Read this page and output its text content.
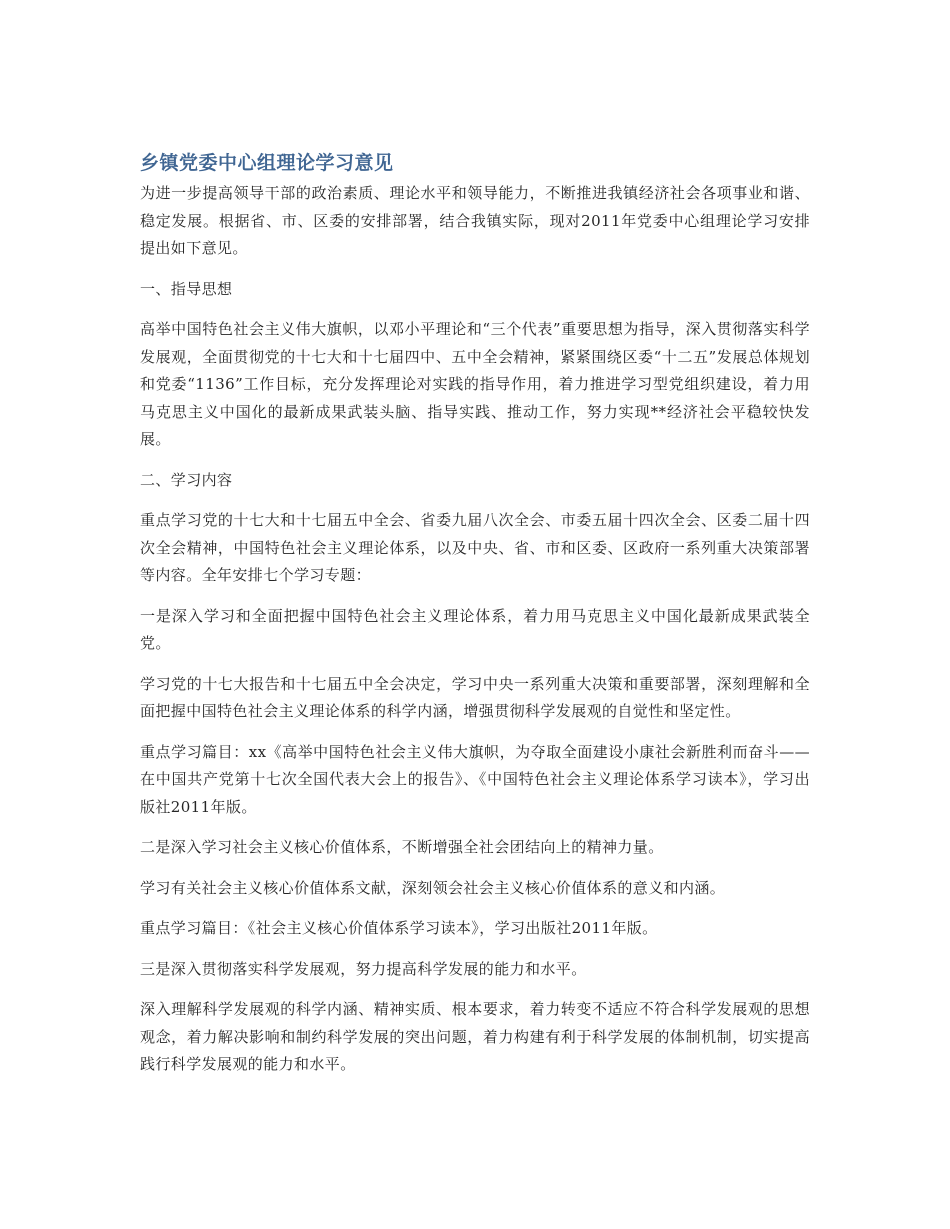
乡镇党委中心组理论学习意见

为进一步提高领导干部的政治素质、理论水平和领导能力，不断推进我镇经济社会各项事业和谐、稳定发展。根据省、市、区委的安排部署，结合我镇实际，现对2011年党委中心组理论学习安排提出如下意见。

一、指导思想

高举中国特色社会主义伟大旗帜，以邓小平理论和“三个代表”重要思想为指导，深入贯彻落实科学发展观，全面贯彻党的十七大和十七届四中、五中全会精神，紧紧围绕区委“十二五”发展总体规划和党委“1136”工作目标，充分发挥理论对实践的指导作用，着力推进学习型党组织建设，着力用马克思主义中国化的最新成果武装头脑、指导实践、推动工作，努力实现**经济社会平稳较快发展。

二、学习内容

重点学习党的十七大和十七届五中全会、省委九届八次全会、市委五届十四次全会、区委二届十四次全会精神，中国特色社会主义理论体系，以及中央、省、市和区委、区政府一系列重大决策部署等内容。全年安排七个学习专题：

一是深入学习和全面把握中国特色社会主义理论体系，着力用马克思主义中国化最新成果武装全党。

学习党的十七大报告和十七届五中全会决定，学习中央一系列重大决策和重要部署，深刻理解和全面把握中国特色社会主义理论体系的科学内涵，增强贯彻科学发展观的自觉性和坚定性。

重点学习篇目：xx《高举中国特色社会主义伟大旗帜，为夺取全面建设小康社会新胜利而奋斗——在中国共产党第十七次全国代表大会上的报告》、《中国特色社会主义理论体系学习读本》，学习出版社2011年版。

二是深入学习社会主义核心价值体系，不断增强全社会团结向上的精神力量。

学习有关社会主义核心价值体系文献，深刻领会社会主义核心价值体系的意义和内涵。

重点学习篇目：《社会主义核心价值体系学习读本》，学习出版社2011年版。

三是深入贯彻落实科学发展观，努力提高科学发展的能力和水平。

深入理解科学发展观的科学内涵、精神实质、根本要求，着力转变不适应不符合科学发展观的思想观念，着力解决影响和制约科学发展的突出问题，着力构建有利于科学发展的体制机制，切实提高践行科学发展观的能力和水平。
